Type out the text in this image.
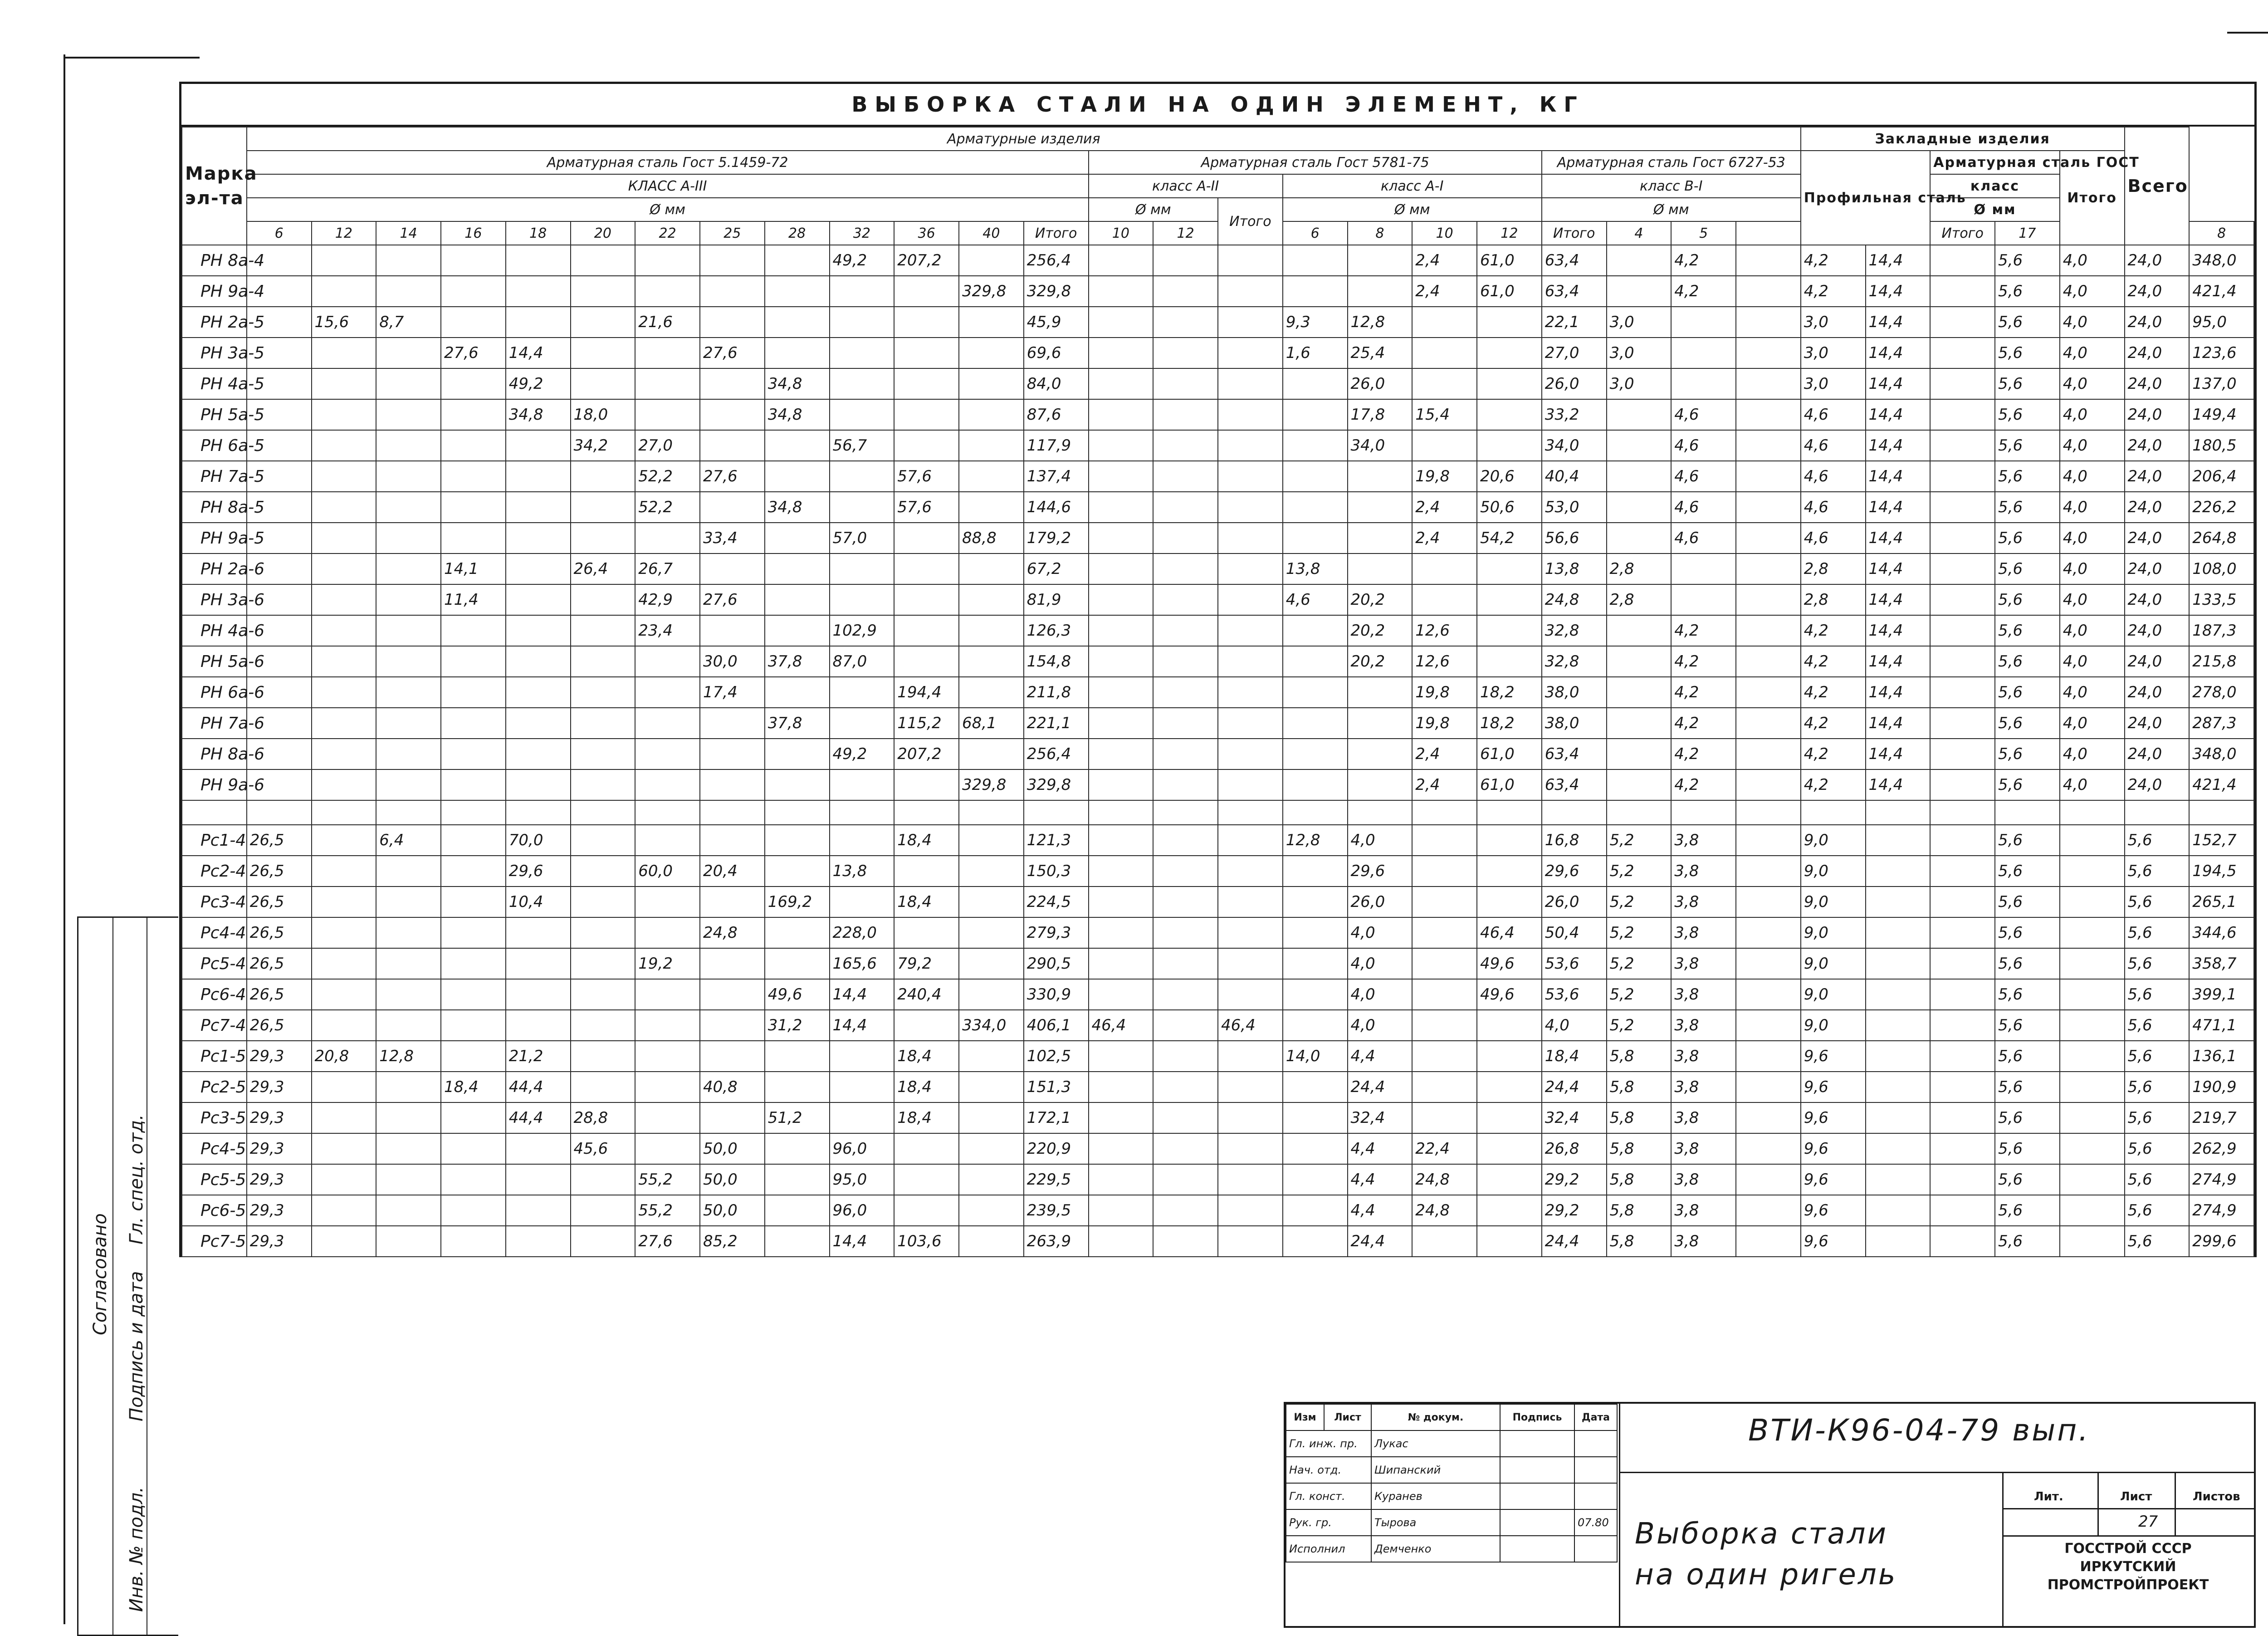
ВЫБОРКА СТАЛИ НА ОДИН ЭЛЕМЕНТ, КГ
Марка
эл-та	Арматурные изделия																								Закладные изделия					Всего	
	Арматурная сталь Гост 5.1459-72													Арматурная сталь Гост 5781-75							Арматурная сталь Гост 6727-53				Профильная сталь		Арматурная сталь ГОСТ		Итого		
	КЛАСС А-III													класс А-II			класс А-I				класс В-I						класс				
	Ø мм													Ø мм		Итого	Ø мм				Ø мм						Ø мм				
	6	12	14	16	18	20	22	25	28	32	36	40	Итого	10	12		6	8	10	12	Итого	4	5				Итого	17			8
РН 8а-4										49,2	207,2		256,4						2,4	61,0	63,4		4,2		4,2	14,4		5,6	4,0	24,0	348,0
РН 9а-4												329,8	329,8						2,4	61,0	63,4		4,2		4,2	14,4		5,6	4,0	24,0	421,4
РН 2а-5		15,6	8,7				21,6						45,9				9,3	12,8			22,1	3,0			3,0	14,4		5,6	4,0	24,0	95,0
РН 3а-5				27,6	14,4			27,6					69,6				1,6	25,4			27,0	3,0			3,0	14,4		5,6	4,0	24,0	123,6
РН 4а-5					49,2				34,8				84,0					26,0			26,0	3,0			3,0	14,4		5,6	4,0	24,0	137,0
РН 5а-5					34,8	18,0			34,8				87,6					17,8	15,4		33,2		4,6		4,6	14,4		5,6	4,0	24,0	149,4
РН 6а-5						34,2	27,0			56,7			117,9					34,0			34,0		4,6		4,6	14,4		5,6	4,0	24,0	180,5
РН 7а-5							52,2	27,6			57,6		137,4						19,8	20,6	40,4		4,6		4,6	14,4		5,6	4,0	24,0	206,4
РН 8а-5							52,2		34,8		57,6		144,6						2,4	50,6	53,0		4,6		4,6	14,4		5,6	4,0	24,0	226,2
РН 9а-5								33,4		57,0		88,8	179,2						2,4	54,2	56,6		4,6		4,6	14,4		5,6	4,0	24,0	264,8
РН 2а-6				14,1		26,4	26,7						67,2				13,8				13,8	2,8			2,8	14,4		5,6	4,0	24,0	108,0
РН 3а-6				11,4			42,9	27,6					81,9				4,6	20,2			24,8	2,8			2,8	14,4		5,6	4,0	24,0	133,5
РН 4а-6							23,4			102,9			126,3					20,2	12,6		32,8		4,2		4,2	14,4		5,6	4,0	24,0	187,3
РН 5а-6								30,0	37,8	87,0			154,8					20,2	12,6		32,8		4,2		4,2	14,4		5,6	4,0	24,0	215,8
РН 6а-6								17,4			194,4		211,8						19,8	18,2	38,0		4,2		4,2	14,4		5,6	4,0	24,0	278,0
РН 7а-6									37,8		115,2	68,1	221,1						19,8	18,2	38,0		4,2		4,2	14,4		5,6	4,0	24,0	287,3
РН 8а-6										49,2	207,2		256,4						2,4	61,0	63,4		4,2		4,2	14,4		5,6	4,0	24,0	348,0
РН 9а-6												329,8	329,8						2,4	61,0	63,4		4,2		4,2	14,4		5,6	4,0	24,0	421,4

Рс1-4	26,5		6,4		70,0						18,4		121,3				12,8	4,0			16,8	5,2	3,8		9,0			5,6		5,6	152,7
Рс2-4	26,5				29,6		60,0	20,4		13,8			150,3					29,6			29,6	5,2	3,8		9,0			5,6		5,6	194,5
Рс3-4	26,5				10,4				169,2		18,4		224,5					26,0			26,0	5,2	3,8		9,0			5,6		5,6	265,1
Рс4-4	26,5							24,8		228,0			279,3					4,0		46,4	50,4	5,2	3,8		9,0			5,6		5,6	344,6
Рс5-4	26,5						19,2			165,6	79,2		290,5					4,0		49,6	53,6	5,2	3,8		9,0			5,6		5,6	358,7
Рс6-4	26,5								49,6	14,4	240,4		330,9					4,0		49,6	53,6	5,2	3,8		9,0			5,6		5,6	399,1
Рс7-4	26,5								31,2	14,4		334,0	406,1	46,4		46,4		4,0			4,0	5,2	3,8		9,0			5,6		5,6	471,1
Рс1-5	29,3	20,8	12,8		21,2						18,4		102,5				14,0	4,4			18,4	5,8	3,8		9,6			5,6		5,6	136,1
Рс2-5	29,3			18,4	44,4			40,8			18,4		151,3					24,4			24,4	5,8	3,8		9,6			5,6		5,6	190,9
Рс3-5	29,3				44,4	28,8			51,2		18,4		172,1					32,4			32,4	5,8	3,8		9,6			5,6		5,6	219,7
Рс4-5	29,3					45,6		50,0		96,0			220,9					4,4	22,4		26,8	5,8	3,8		9,6			5,6		5,6	262,9
Рс5-5	29,3						55,2	50,0		95,0			229,5					4,4	24,8		29,2	5,8	3,8		9,6			5,6		5,6	274,9
Рс6-5	29,3						55,2	50,0		96,0			239,5					4,4	24,8		29,2	5,8	3,8		9,6			5,6		5,6	274,9
Рс7-5	29,3						27,6	85,2		14,4	103,6		263,9					24,4			24,4	5,8	3,8		9,6			5,6		5,6	299,6
Согласовано
Инв. № подл.
Подпись и дата
Гл. спец. отд.
Изм	Лист	№ докум.	Подпись	Дата
Гл. инж. пр.		Лукас		
Нач. отд.		Шипанский		
Гл. конст.		Куранев		
Рук. гр.		Тырова		07.80
Исполнил		Демченко		
ВТИ-К96-04-79 вып.
Выборка стали
на один ригель
Лит.	Лист	Листов
27
ГОССТРОЙ СССР
ИРКУТСКИЙ
ПРОМСТРОЙПРОЕКТ
